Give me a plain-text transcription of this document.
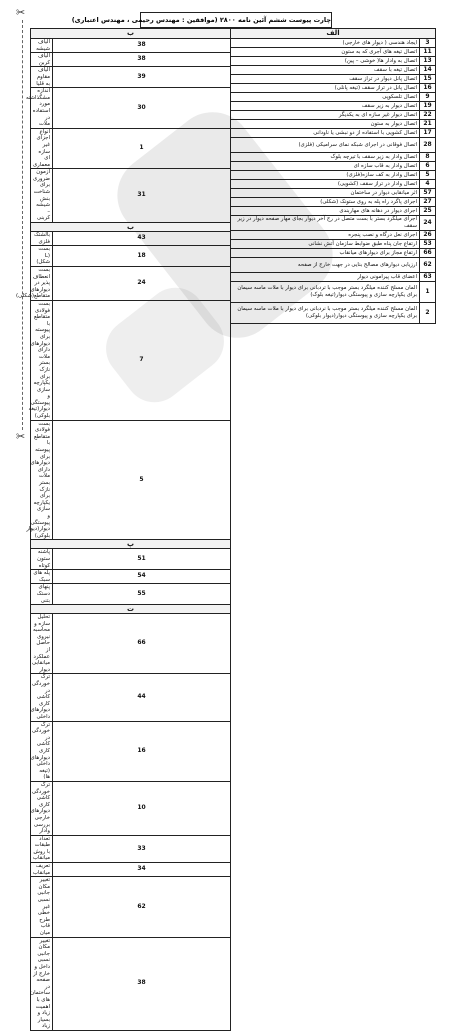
چارت پیوست ششم آئین نامه ۲۸۰۰ (موافقین : مهندس رحیمی ، مهندس اعتباری)
✂
✂
الف	
3	ایجاد هندسی ( دیوار های خارجی)
11	اتصال تیغه های آجری که به ستون
13	اتصال به وادار ها( خوشی – پین)
14	اتصال تیغه با سقف
15	اتصال پانل دیوار در تراز سقف
16	اتصال پانل در تراز سقف (تیغه پانلی)
9	اتصال تلسکوپی
19	اتصال دیوار به زیر سقف
22	اتصال دیوار غیر سازه ای به یکدیگر
21	اتصال دیوار به ستون
17	اتصال کشویی با استفاده از دو نبشی یا ناودانی
28	اتصال فوقانی در اجرای شبکه نمای سرامیکی (فلزی)
8	اتصال وادار به زیر سقف با تیرچه بلوک
6	اتصال وادار به قاب سازه ای
5	اتصال وادار به کف سازه(فلزی)
4	اتصال وادار در تراز سقف (کشویی)
57	اثر میانقابی دیوار در ساختمان
27	اجرای پاگرد راه پله به روی ستونک (شکلی)
25	اجرای دیوار در دهانه های مهاربندی
24	اجرای میلگرد بستر با بست متصل در رج آخر دیوار بجای مهار صفحه دیوار در زیر سقف
26	اجرای نعل درگاه و نصب پنجره
53	ارتفاع جان پناه طبق ضوابط سازمان آتش نشانی
66	ارتفاع مجاز برای دیوارهای میانقاب
62	ارزیابی دیوارهای مصالح بنایی در جهت خارج از صفحه
63	اعضای قاب پیرامونی دیوار
1	المان مسلح کننده میلگرد بستر موجب با تردبانی برای دیوار با ملات ماسه سیمان برای یکپارچه سازی و پیوستگی دیوار(تیغه بلوک)
2	المان مسلح کننده میلگرد بستر موجب با نردبانی برای دیوار با ملات ماسه سیمان برای یکپارچه سازی و پیوستگی دیوار(دیوار بلوکی)
ب	
38	الیاف شیشه
38	الیاف کربن
39	الیاف مقاوم به قلیا
30	اندازه مشگذاشته مورد استفاده در ملات
1	انواع اجزای غیر سازه ای معماری
31	آزمون ضروری برای شناخت بنش شیشه – کربنی
ب	
43	بالشتک فلزی
18	بست (L شکل)
24	بست انعطاف پذیر در دیوارهای متقاطع(شکلی)
7	بست فولادی متقاطع با پیوسته برای دیوارهای دارای ملات بستر نازک برای یکپارچه سازی و پیوستگی دیوار(تیغه بلوکی)
5	بست فولادی متقاطع با پیوسته برای دیوارهای دارای ملات بستر نازک برای یکپارچه سازی و پیوستگی دیوار(دیوار بلوکی)
پ	
51	پاشنه ستون کوتاه
54	پله های سبک
55	پنهای دستک بتنی
ت	
66	تحلیل سازه و محاسبه نیروی حاصل از عملکرد میانقابی دیوار
44	ترک خوردگی در کاشی کاری دیوارهای داخلی
16	ترک خوردگی در کاشی کاری دیوارهای داخلی (تیغه ها)
10	ترک خوردگی کاشی کاری دیوارهای خارجی بررسی وادار
33	تعداد طبقات با روش میانقاب
34	تعریف میانقاب
62	تغییر مکان جانبی نسبی غیر خطی طرح قاب میان
38	تغییر مکان جانبی نسبی داخل و خارج از صفحه در ساختمان های با اهمیت زیاد و بسیار زیاد
